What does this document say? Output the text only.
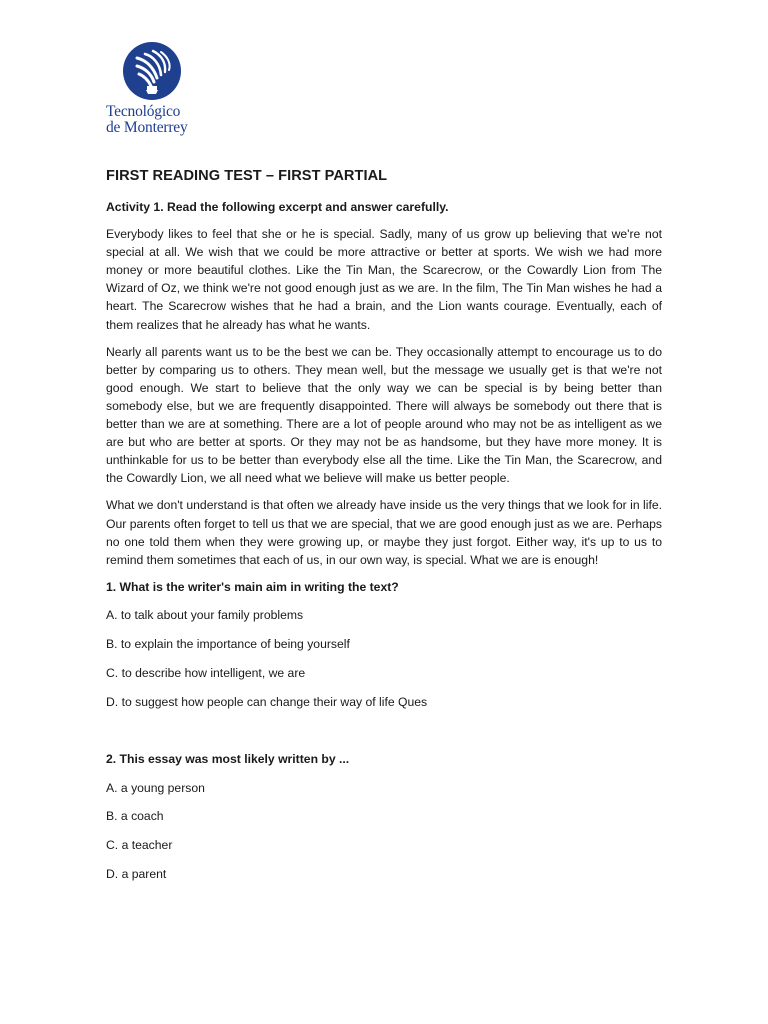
Tecnológico
de Monterrey
FIRST READING TEST – FIRST PARTIAL
Activity 1. Read the following excerpt and answer carefully.

Everybody likes to feel that she or he is special. Sadly, many of us grow up believing that we're not special at all. We wish that we could be more attractive or better at sports. We wish we had more money or more beautiful clothes. Like the Tin Man, the Scarecrow, or the Cowardly Lion from The Wizard of Oz, we think we're not good enough just as we are. In the film, The Tin Man wishes he had a heart. The Scarecrow wishes that he had a brain, and the Lion wants courage. Eventually, each of them realizes that he already has what he wants.

Nearly all parents want us to be the best we can be. They occasionally attempt to encourage us to do better by comparing us to others. They mean well, but the message we usually get is that we're not good enough. We start to believe that the only way we can be special is by being better than somebody else, but we are frequently disappointed. There will always be somebody out there that is better than we are at something. There are a lot of people around who may not be as intelligent as we are but who are better at sports. Or they may not be as handsome, but they have more money. It is unthinkable for us to be better than everybody else all the time. Like the Tin Man, the Scarecrow, and the Cowardly Lion, we all need what we believe will make us better people.

What we don't understand is that often we already have inside us the very things that we look for in life. Our parents often forget to tell us that we are special, that we are good enough just as we are. Perhaps no one told them when they were growing up, or maybe they just forgot. Either way, it's up to us to remind them sometimes that each of us, in our own way, is special. What we are is enough!

1. What is the writer's main aim in writing the text?
A. to talk about your family problems
B. to explain the importance of being yourself
C. to describe how intelligent, we are
D. to suggest how people can change their way of life Ques
2. This essay was most likely written by ...
A. a young person
B. a coach
C. a teacher
D. a parent
